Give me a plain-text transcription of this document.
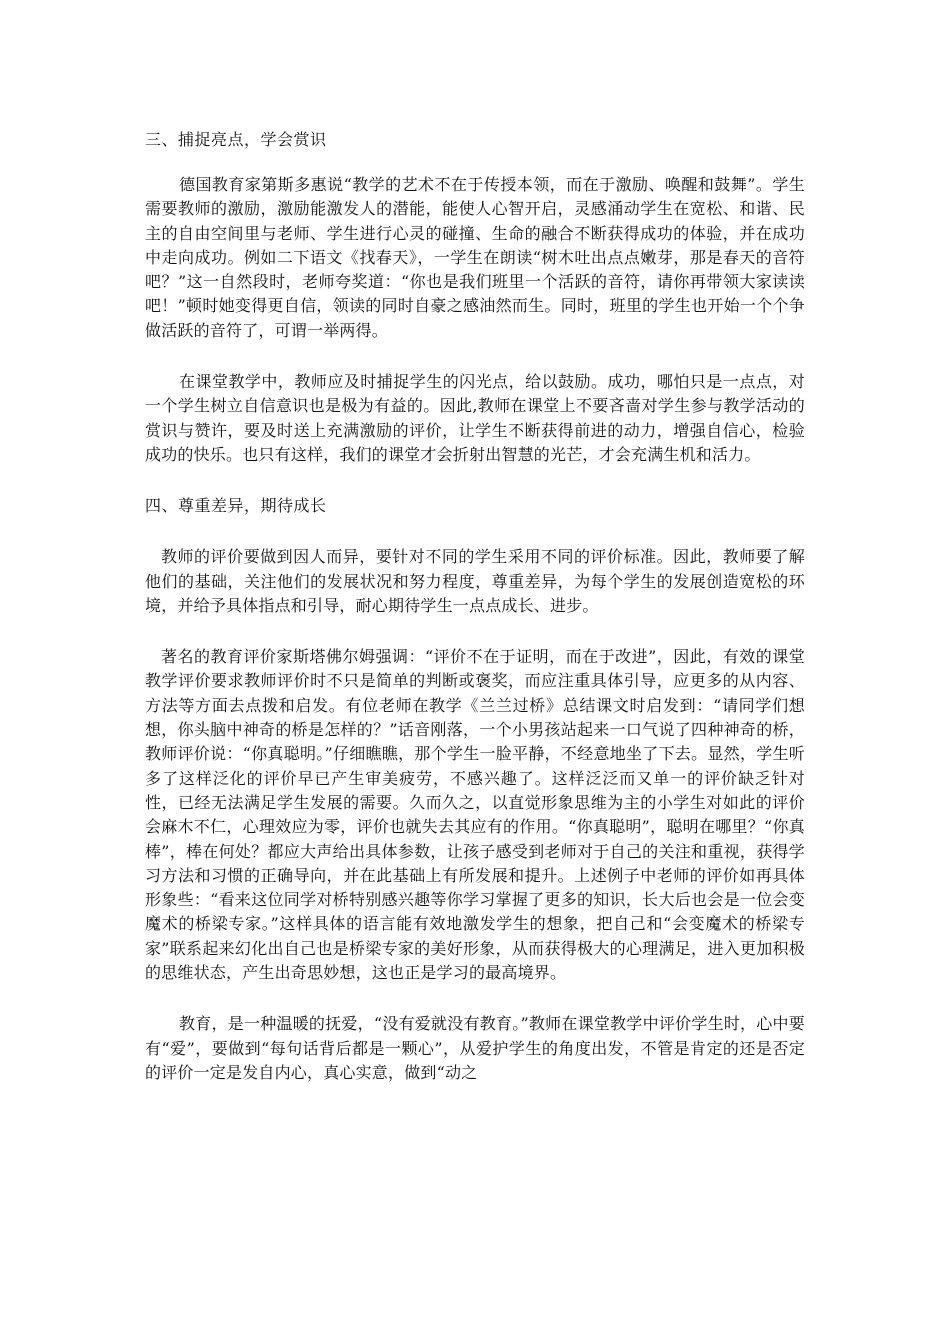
三、捕捉亮点，学会赏识

德国教育家第斯多惠说“教学的艺术不在于传授本领，而在于激励、唤醒和鼓舞”。学生需要教师的激励，激励能激发人的潜能，能使人心智开启，灵感涌动学生在宽松、和谐、民主的自由空间里与老师、学生进行心灵的碰撞、生命的融合不断获得成功的体验，并在成功中走向成功。例如二下语文《找春天》，一学生在朗读“树木吐出点点嫩芽，那是春天的音符吧？”这一自然段时，老师夸奖道：“你也是我们班里一个活跃的音符，请你再带领大家读读吧！”顿时她变得更自信，领读的同时自豪之感油然而生。同时，班里的学生也开始一个个争做活跃的音符了，可谓一举两得。

在课堂教学中，教师应及时捕捉学生的闪光点，给以鼓励。成功，哪怕只是一点点，对一个学生树立自信意识也是极为有益的。因此,教师在课堂上不要吝啬对学生参与教学活动的赏识与赞许，要及时送上充满激励的评价，让学生不断获得前进的动力，增强自信心，检验成功的快乐。也只有这样，我们的课堂才会折射出智慧的光芒，才会充满生机和活力。

四、尊重差异，期待成长

教师的评价要做到因人而异，要针对不同的学生采用不同的评价标准。因此，教师要了解他们的基础，关注他们的发展状况和努力程度，尊重差异，为每个学生的发展创造宽松的环境，并给予具体指点和引导，耐心期待学生一点点成长、进步。

著名的教育评价家斯塔佛尔姆强调：“评价不在于证明，而在于改进”，因此，有效的课堂教学评价要求教师评价时不只是简单的判断或褒奖，而应注重具体引导，应更多的从内容、方法等方面去点拨和启发。有位老师在教学《兰兰过桥》总结课文时启发到：“请同学们想想，你头脑中神奇的桥是怎样的？”话音刚落，一个小男孩站起来一口气说了四种神奇的桥，教师评价说：“你真聪明。”仔细瞧瞧，那个学生一脸平静，不经意地坐了下去。显然，学生听多了这样泛化的评价早已产生审美疲劳，不感兴趣了。这样泛泛而又单一的评价缺乏针对性，已经无法满足学生发展的需要。久而久之，以直觉形象思维为主的小学生对如此的评价会麻木不仁，心理效应为零，评价也就失去其应有的作用。“你真聪明”，聪明在哪里？“你真棒”，棒在何处？都应大声给出具体参数，让孩子感受到老师对于自己的关注和重视，获得学习方法和习惯的正确导向，并在此基础上有所发展和提升。上述例子中老师的评价如再具体形象些：“看来这位同学对桥特别感兴趣等你学习掌握了更多的知识，长大后也会是一位会变魔术的桥梁专家。”这样具体的语言能有效地激发学生的想象，把自己和“会变魔术的桥梁专家”联系起来幻化出自己也是桥梁专家的美好形象，从而获得极大的心理满足，进入更加积极的思维状态，产生出奇思妙想，这也正是学习的最高境界。

教育，是一种温暖的抚爱，“没有爱就没有教育。”教师在课堂教学中评价学生时，心中要有“爱”，要做到“每句话背后都是一颗心”，从爱护学生的角度出发，不管是肯定的还是否定的评价一定是发自内心，真心实意，做到“动之
